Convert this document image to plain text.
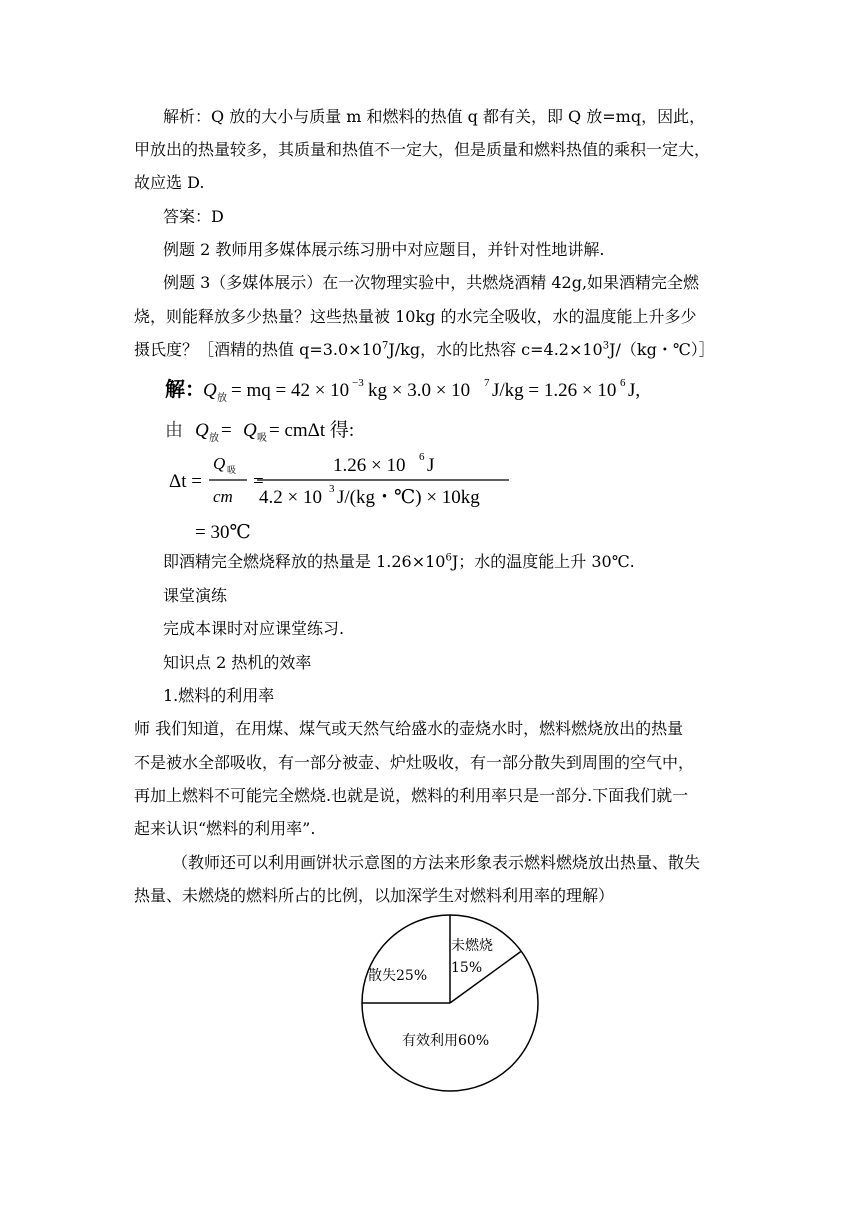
解析：Q 放的大小与质量 m 和燃料的热值 q 都有关，即 Q 放=mq，因此，

甲放出的热量较多，其质量和热值不一定大，但是质量和燃料热值的乘积一定大，

故应选 D.

答案：D

例题 2 教师用多媒体展示练习册中对应题目，并针对性地讲解.

例题 3（多媒体展示）在一次物理实验中，共燃烧酒精 42g,如果酒精完全燃

烧，则能释放多少热量？这些热量被 10kg 的水完全吸收，水的温度能上升多少

摄氏度？［酒精的热值 $q=3.0\times 10^7J/kg$，水的比热容 $c=4.2\times 10^3J/(kg$・℃）］

解：
Q 放 = mq = 42 × 10 −3 kg × 3.0 × 10 7 J/kg = 1.26 × 10 6 J,
由 Q 放 = Q 吸 = cmΔt 得:
Δt =
Q 吸
cm
=
1.26 × 10 6 J
4.2 × 10 3 J/(kg・℃) × 10kg
= 30℃

即酒精完全燃烧释放的热量是 $1.26\times 10^6J$；水的温度能上升 30℃.

课堂演练

完成本课时对应课堂练习.

知识点 2 热机的效率

1.燃料的利用率

师 我们知道，在用煤、煤气或天然气给盛水的壶烧水时，燃料燃烧放出的热量

不是被水全部吸收，有一部分被壶、炉灶吸收，有一部分散失到周围的空气中，

再加上燃料不可能完全燃烧.也就是说，燃料的利用率只是一部分.下面我们就一

起来认识“燃料的利用率”.

（教师还可以利用画饼状示意图的方法来形象表示燃料燃烧放出热量、散失

热量、未燃烧的燃料所占的比例，以加深学生对燃料利用率的理解）

未燃烧
15%
散失25%
有效利用60%
